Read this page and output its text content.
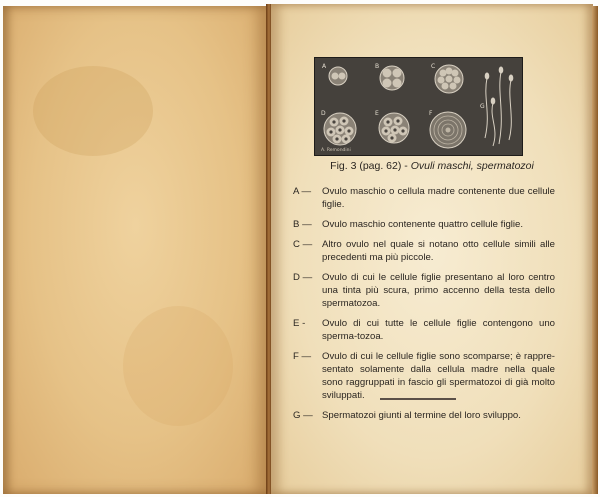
A	B	C
D	E	F
G
A. Remondini
Fig. 3 (pag. 62) - Ovuli maschi, spermatozoi
A —	Ovulo maschio o cellula madre contenente due cellule figlie.
B —	Ovulo maschio contenente quattro cellule figlie.
C —	Altro ovulo nel quale si notano otto cellule simili alle precedenti ma più piccole.
D —	Ovulo di cui le cellule figlie presentano al loro centro una tinta più scura, primo accenno della testa dello spermatozoa.
E -	Ovulo di cui tutte le cellule figlie contengono uno sperma-tozoa.
F —	Ovulo di cui le cellule figlie sono scomparse; è rappre-sentato solamente dalla cellula madre nella quale sono raggruppati in fascio gli spermatozoi di già molto sviluppati.
G — Spermatozoi giunti al termine del loro sviluppo.
